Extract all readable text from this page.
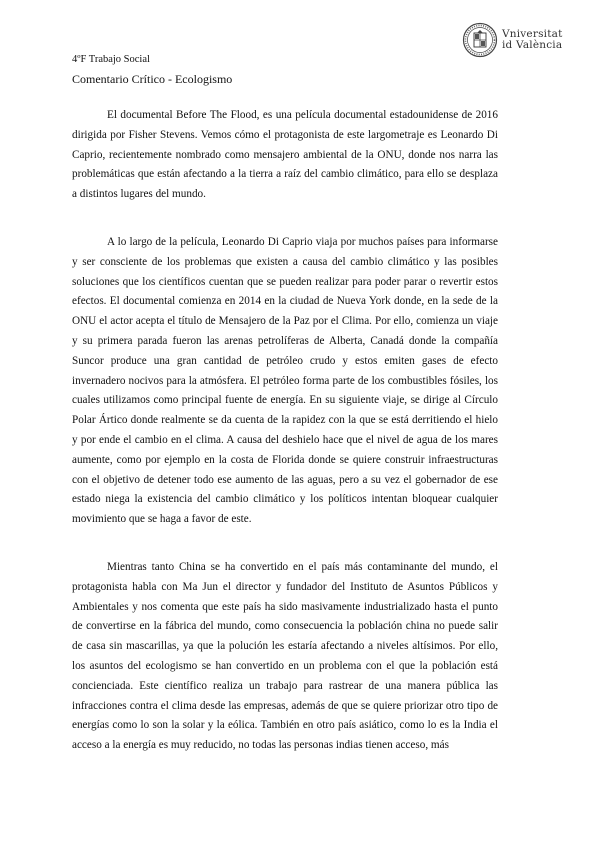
Vniversitat
id València

4ºF Trabajo Social

Comentario Crítico - Ecologismo

El documental Before The Flood, es una película documental estadounidense de 2016 dirigida por Fisher Stevens. Vemos cómo el protagonista de este largometraje es Leonardo Di Caprio, recientemente nombrado como mensajero ambiental de la ONU, donde nos narra las problemáticas que están afectando a la tierra a raíz del cambio climático, para ello se desplaza a distintos lugares del mundo.

A lo largo de la película, Leonardo Di Caprio viaja por muchos países para informarse y ser consciente de los problemas que existen a causa del cambio climático y las posibles soluciones que los científicos cuentan que se pueden realizar para poder parar o revertir estos efectos. El documental comienza en 2014 en la ciudad de Nueva York donde, en la sede de la ONU el actor acepta el título de Mensajero de la Paz por el Clima. Por ello, comienza un viaje y su primera parada fueron las arenas petrolíferas de Alberta, Canadá donde la compañía Suncor produce una gran cantidad de petróleo crudo y estos emiten gases de efecto invernadero nocivos para la atmósfera. El petróleo forma parte de los combustibles fósiles, los cuales utilizamos como principal fuente de energía. En su siguiente viaje, se dirige al Círculo Polar Ártico donde realmente se da cuenta de la rapidez con la que se está derritiendo el hielo y por ende el cambio en el clima. A causa del deshielo hace que el nivel de agua de los mares aumente, como por ejemplo en la costa de Florida donde se quiere construir infraestructuras con el objetivo de detener todo ese aumento de las aguas, pero a su vez el gobernador de ese estado niega la existencia del cambio climático y los políticos intentan bloquear cualquier movimiento que se haga a favor de este.

Mientras tanto China se ha convertido en el país más contaminante del mundo, el protagonista habla con Ma Jun el director y fundador del Instituto de Asuntos Públicos y Ambientales y nos comenta que este país ha sido masivamente industrializado hasta el punto de convertirse en la fábrica del mundo, como consecuencia la población china no puede salir de casa sin mascarillas, ya que la polución les estaría afectando a niveles altísimos. Por ello, los asuntos del ecologismo se han convertido en un problema con el que la población está concienciada. Este científico realiza un trabajo para rastrear de una manera pública las infracciones contra el clima desde las empresas, además de que se quiere priorizar otro tipo de energías como lo son la solar y la eólica. También en otro país asiático, como lo es la India el acceso a la energía es muy reducido, no todas las personas indias tienen acceso, más
